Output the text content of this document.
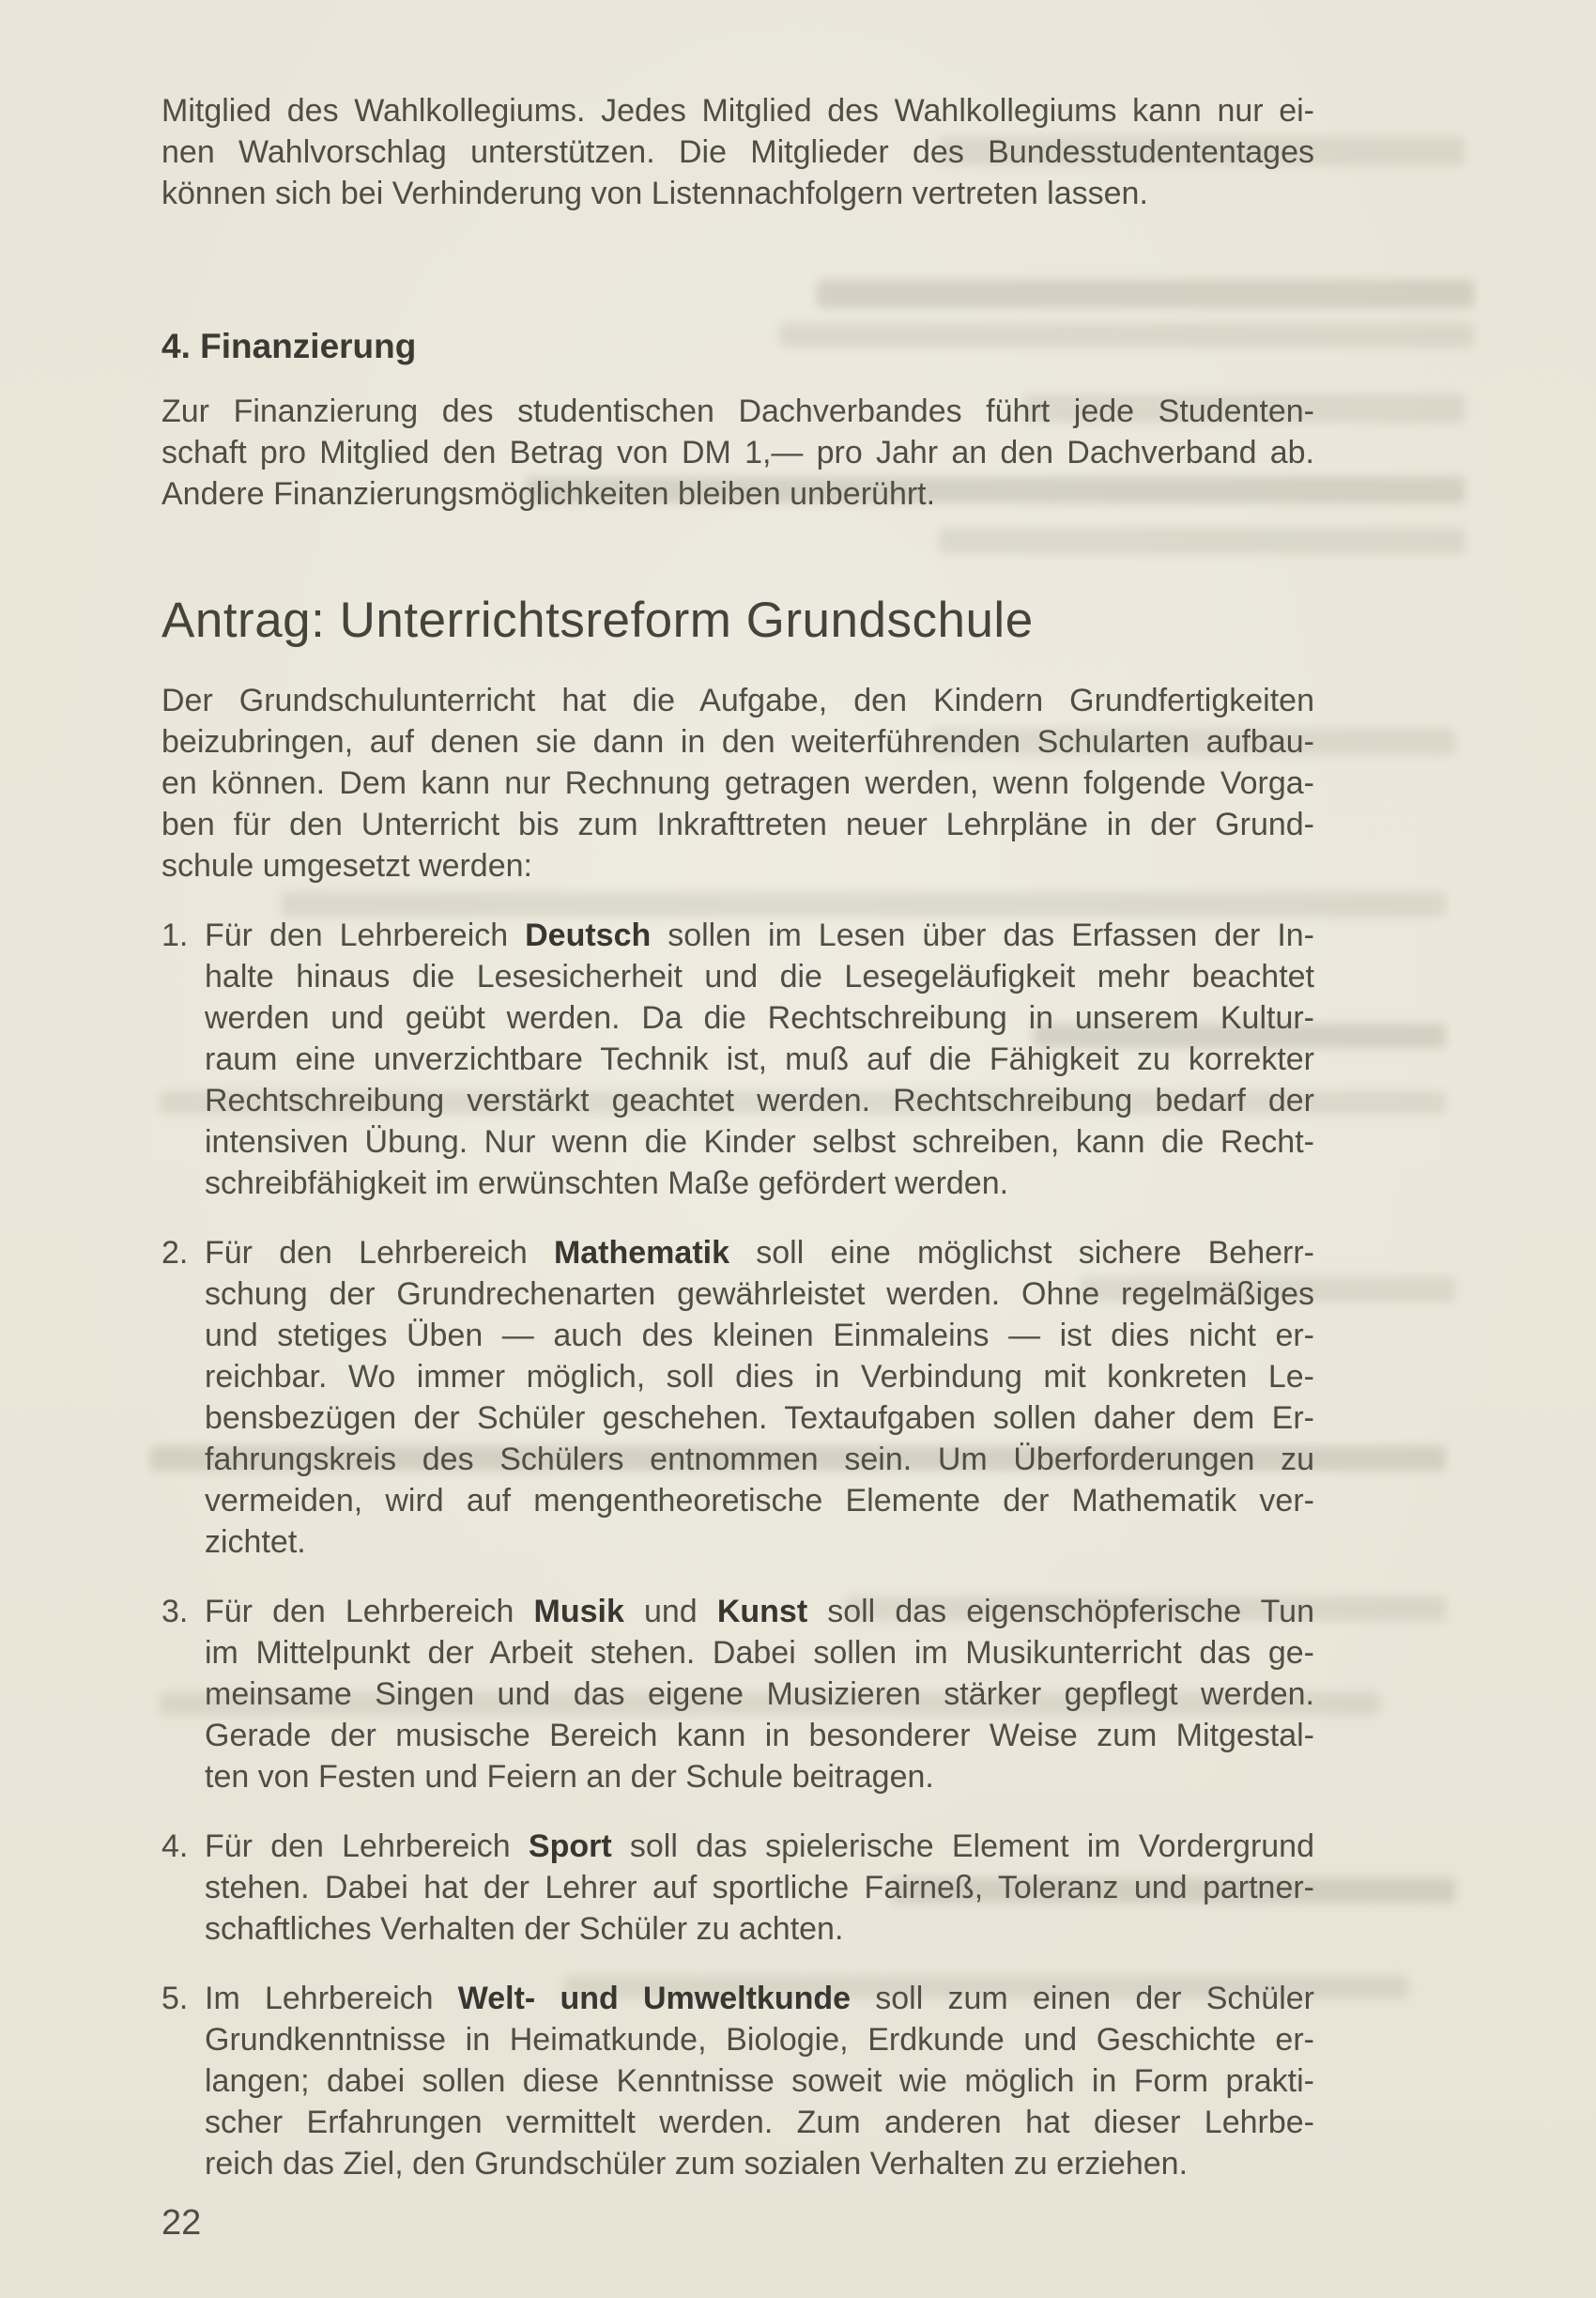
Mitglied des Wahlkollegiums. Jedes Mitglied des Wahlkollegiums kann nur ei-
nen Wahlvorschlag unterstützen. Die Mitglieder des Bundesstudententages
können sich bei Verhinderung von Listennachfolgern vertreten lassen.
4. Finanzierung
Zur Finanzierung des studentischen Dachverbandes führt jede Studenten-
schaft pro Mitglied den Betrag von DM 1,— pro Jahr an den Dachverband ab.
Andere Finanzierungsmöglichkeiten bleiben unberührt.
Antrag: Unterrichtsreform Grundschule
Der Grundschulunterricht hat die Aufgabe, den Kindern Grundfertigkeiten
beizubringen, auf denen sie dann in den weiterführenden Schularten aufbau-
en können. Dem kann nur Rechnung getragen werden, wenn folgende Vorga-
ben für den Unterricht bis zum Inkrafttreten neuer Lehrpläne in der Grund-
schule umgesetzt werden:
1. Für den Lehrbereich Deutsch sollen im Lesen über das Erfassen der In-
halte hinaus die Lesesicherheit und die Lesegeläufigkeit mehr beachtet
werden und geübt werden. Da die Rechtschreibung in unserem Kultur-
raum eine unverzichtbare Technik ist, muß auf die Fähigkeit zu korrekter
Rechtschreibung verstärkt geachtet werden. Rechtschreibung bedarf der
intensiven Übung. Nur wenn die Kinder selbst schreiben, kann die Recht-
schreibfähigkeit im erwünschten Maße gefördert werden.
2. Für den Lehrbereich Mathematik soll eine möglichst sichere Beherr-
schung der Grundrechenarten gewährleistet werden. Ohne regelmäßiges
und stetiges Üben — auch des kleinen Einmaleins — ist dies nicht er-
reichbar. Wo immer möglich, soll dies in Verbindung mit konkreten Le-
bensbezügen der Schüler geschehen. Textaufgaben sollen daher dem Er-
fahrungskreis des Schülers entnommen sein. Um Überforderungen zu
vermeiden, wird auf mengentheoretische Elemente der Mathematik ver-
zichtet.
3. Für den Lehrbereich Musik und Kunst soll das eigenschöpferische Tun
im Mittelpunkt der Arbeit stehen. Dabei sollen im Musikunterricht das ge-
meinsame Singen und das eigene Musizieren stärker gepflegt werden.
Gerade der musische Bereich kann in besonderer Weise zum Mitgestal-
ten von Festen und Feiern an der Schule beitragen.
4. Für den Lehrbereich Sport soll das spielerische Element im Vordergrund
stehen. Dabei hat der Lehrer auf sportliche Fairneß, Toleranz und partner-
schaftliches Verhalten der Schüler zu achten.
5. Im Lehrbereich Welt- und Umweltkunde soll zum einen der Schüler
Grundkenntnisse in Heimatkunde, Biologie, Erdkunde und Geschichte er-
langen; dabei sollen diese Kenntnisse soweit wie möglich in Form prakti-
scher Erfahrungen vermittelt werden. Zum anderen hat dieser Lehrbe-
reich das Ziel, den Grundschüler zum sozialen Verhalten zu erziehen.
22
